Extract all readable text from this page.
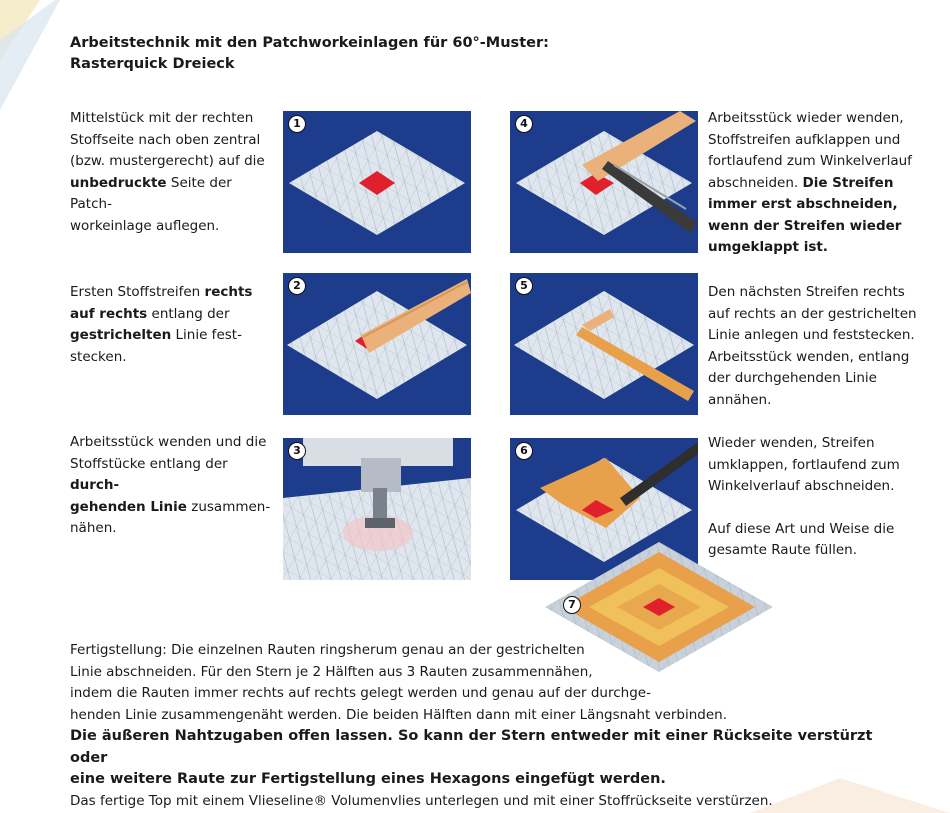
Arbeitstechnik mit den Patchworkeinlagen für 60°-Muster:
Rasterquick Dreieck

Mittelstück mit der rechten
Stoffseite nach oben zentral
(bzw. mustergerecht) auf die
unbedruckte Seite der Patch-
workeinlage auflegen.

Ersten Stoffstreifen rechts
auf rechts entlang der
gestrichelten Linie fest-
stecken.

Arbeitsstück wenden und die
Stoffstücke entlang der durch-
gehenden Linie zusammen-
nähen.

Arbeitsstück wieder wenden,
Stoffstreifen aufklappen und
fortlaufend zum Winkelverlauf
abschneiden. Die Streifen
immer erst abschneiden,
wenn der Streifen wieder
umgeklappt ist.

Den nächsten Streifen rechts
auf rechts an der gestrichelten
Linie anlegen und feststecken.
Arbeitsstück wenden, entlang
der durchgehenden Linie
annähen.

Wieder wenden, Streifen
umklappen, fortlaufend zum
Winkelverlauf abschneiden.

Auf diese Art und Weise die
gesamte Raute füllen.

1
2
3
4
5
6
7

Fertigstellung: Die einzelnen Rauten ringsherum genau an der gestrichelten

Linie abschneiden. Für den Stern je 2 Hälften aus 3 Rauten zusammennähen,

indem die Rauten immer rechts auf rechts gelegt werden und genau auf der durchge-

henden Linie zusammengenäht werden. Die beiden Hälften dann mit einer Längsnaht verbinden.

Die äußeren Nahtzugaben offen lassen. So kann der Stern entweder mit einer Rückseite verstürzt oder

eine weitere Raute zur Fertigstellung eines Hexagons eingefügt werden.

Das fertige Top mit einem Vlieseline® Volumenvlies unterlegen und mit einer Stoffrückseite verstürzen.
